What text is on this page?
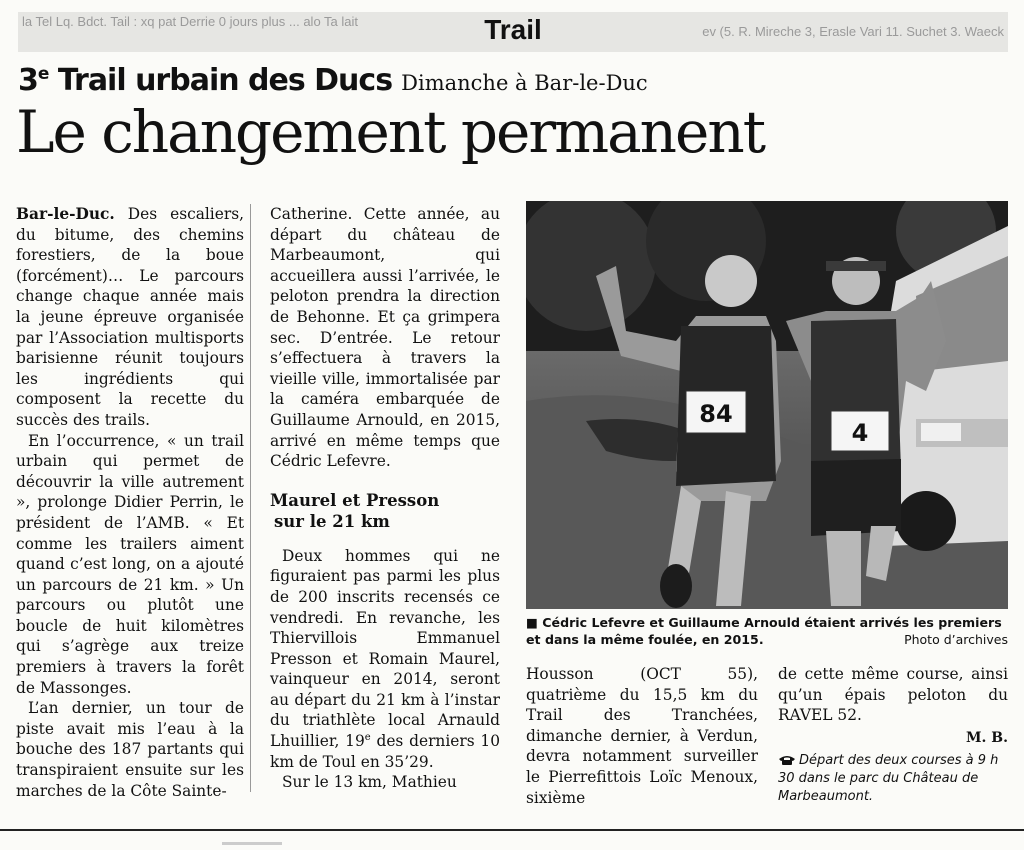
la Tel Lq. Bdct. Tail : xq pat Derrie 0 jours plus ... alo Ta lait
ev (5. R. Mireche 3, Erasle Vari 11. Suchet 3. Waeck
Trail
3e Trail urbain des Ducs Dimanche à Bar-le-Duc
Le changement permanent

Bar-le-Duc. Des escaliers, du bitume, des chemins forestiers, de la boue (forcément)… Le parcours change chaque année mais la jeune épreuve organisée par l’Association multisports barisienne réunit toujours les ingrédients qui composent la recette du succès des trails.

En l’occurrence, « un trail urbain qui permet de découvrir la ville autrement », prolonge Didier Perrin, le président de l’AMB. « Et comme les trailers aiment quand c’est long, on a ajouté un parcours de 21 km. » Un parcours ou plutôt une boucle de huit kilomètres qui s’agrège aux treize premiers à travers la forêt de Massonges.

L’an dernier, un tour de piste avait mis l’eau à la bouche des 187 partants qui transpiraient ensuite sur les marches de la Côte Sainte-

Catherine. Cette année, au départ du château de Marbeaumont, qui accueillera aussi l’arrivée, le peloton prendra la direction de Behonne. Et ça grimpera sec. D’entrée. Le retour s’effectuera à travers la vieille ville, immortalisée par la caméra embarquée de Guillaume Arnould, en 2015, arrivé en même temps que Cédric Lefevre.

Maurel et Presson
sur le 21 km

Deux hommes qui ne figuraient pas parmi les plus de 200 inscrits recensés ce vendredi. En revanche, les Thiervillois Emmanuel Presson et Romain Maurel, vainqueur en 2014, seront au départ du 21 km à l’instar du triathlète local Arnauld Lhuillier, 19e des derniers 10 km de Toul en 35’29.

Sur le 13 km, Mathieu

84
4
■ Cédric Lefevre et Guillaume Arnould étaient arrivés les premiers et dans la même foulée, en 2015.	Photo d’archives

Housson (OCT 55), quatrième du 15,5 km du Trail des Tranchées, dimanche dernier, à Verdun, devra notamment surveiller le Pierrefittois Loïc Menoux, sixième

de cette même course, ainsi qu’un épais peloton du RAVEL 52.

M. B.
Départ des deux courses à 9 h 30 dans le parc du Château de Marbeaumont.
